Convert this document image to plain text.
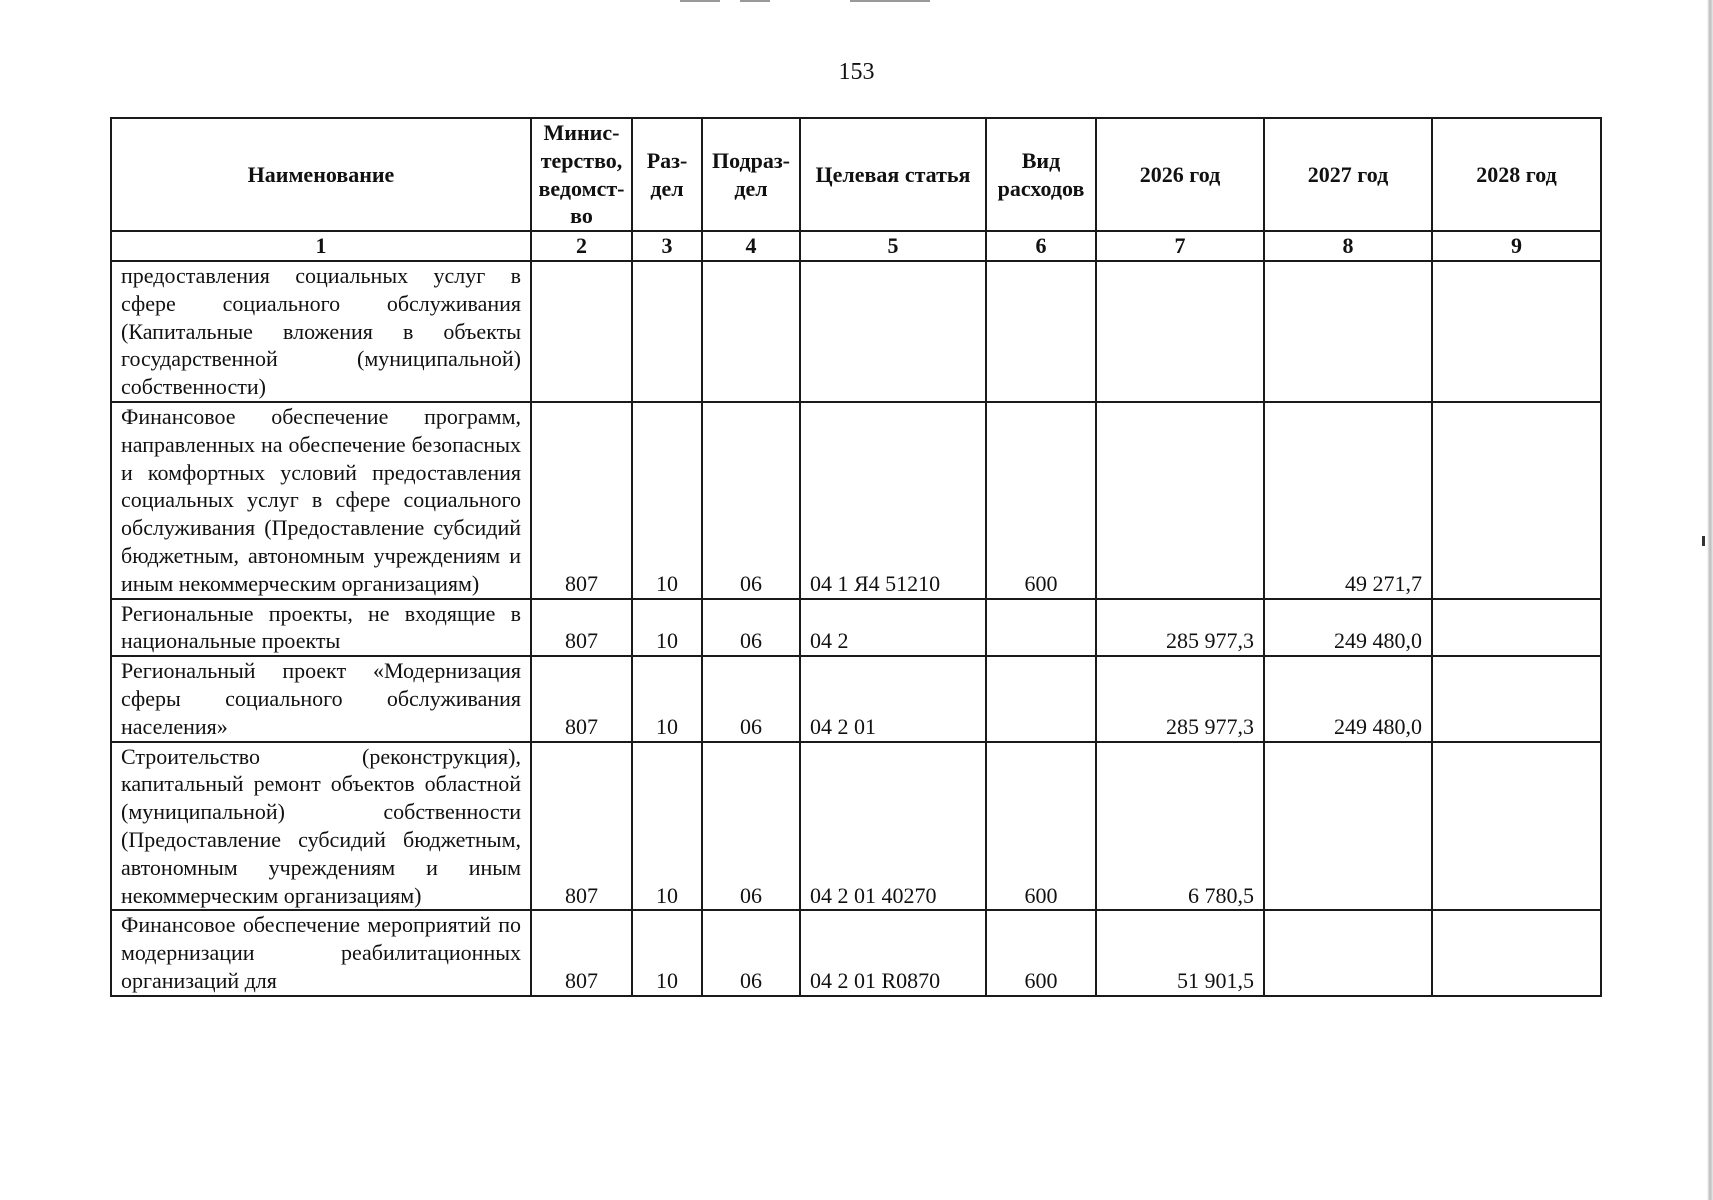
153
Наименование	Минис-терство, ведомст-во	Раз-дел	Подраз-дел	Целевая статья	Вид расходов	2026 год	2027 год	2028 год
1	2	3	4	5	6	7	8	9
предоставления социальных услуг в сфере социального обслуживания (Капитальные вложения в объекты государственной (муниципальной) собственности)								
Финансовое обеспечение программ, направленных на обеспечение безопасных и комфортных условий предоставления социальных услуг в сфере социального обслуживания (Предоставление субсидий бюджетным, автономным учреждениям и иным некоммерческим организациям)	807	10	06	04 1 Я4 51210	600		49 271,7	
Региональные проекты, не входящие в национальные проекты	807	10	06	04 2		285 977,3	249 480,0	
Региональный проект «Модернизация сферы социального обслуживания населения»	807	10	06	04 2 01		285 977,3	249 480,0	
Строительство (реконструкция), капитальный ремонт объектов областной (муниципальной) собственности (Предоставление субсидий бюджетным, автономным учреждениям и иным некоммерческим организациям)	807	10	06	04 2 01 40270	600	6 780,5		
Финансовое обеспечение мероприятий по модернизации реабилитационных организаций для	807	10	06	04 2 01 R0870	600	51 901,5		
